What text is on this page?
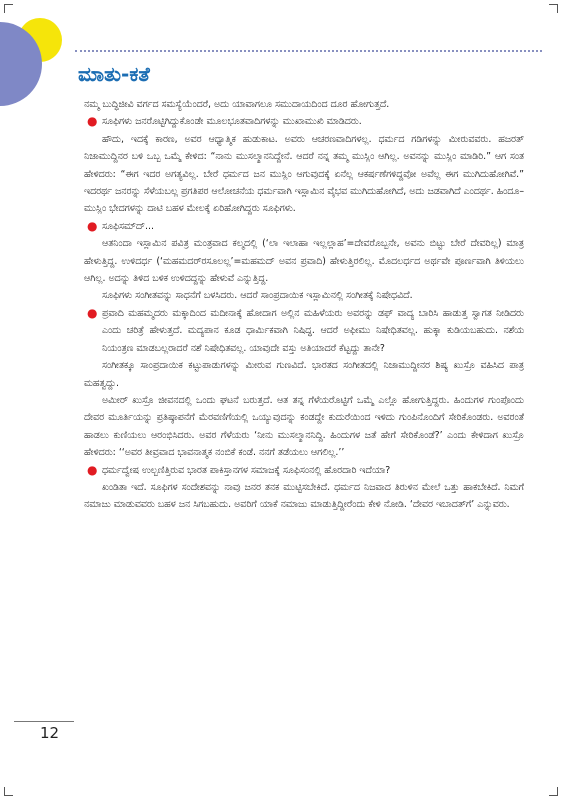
ಮಾತು-ಕತೆ

ನಮ್ಮ ಬುದ್ಧಿಜೀವಿ ವರ್ಗದ ಸಮಸ್ಯೆಯೆಂದರೆ, ಅದು ಯಾವಾಗಲೂ ಸಮುದಾಯದಿಂದ ದೂರ ಹೋಗುತ್ತದೆ.

● ಸೂಫಿಗಳು ಜನರೊಟ್ಟಿಗಿದ್ದುಕೊಂಡೇ ಮೂಲಭೂತವಾದಿಗಳನ್ನು ಮುಖಾಮುಖಿ ಮಾಡಿದರು.

ಹೌದು, ಇದಕ್ಕೆ ಕಾರಣ, ಅವರ ಆಧ್ಯಾತ್ಮಿಕ ಹುಡುಕಾಟ. ಅವರು ಆಚರಣವಾದಿಗಳಲ್ಲ. ಧರ್ಮದ ಗಡಿಗಳನ್ನು ಮೀರುವವರು. ಹಜರತ್ ನಿಜಾಮುದ್ದಿನರ ಬಳಿ ಒಬ್ಬ ಒಮ್ಮೆ ಕೇಳಿದ: “ನಾನು ಮುಸಲ್ಮಾನನಿದ್ದೇನೆ. ಆದರೆ ನನ್ನ ತಮ್ಮ ಮುಸ್ಲಿಂ ಆಗಿಲ್ಲ. ಅವನನ್ನು ಮುಸ್ಲಿಂ ಮಾಡಿರಿ.” ಆಗ ಸಂತ ಹೇಳಿದರು: “ಈಗ ಇದರ ಅಗತ್ಯವಿಲ್ಲ. ಬೇರೆ ಧರ್ಮದ ಜನ ಮುಸ್ಲಿಂ ಆಗುವುದಕ್ಕೆ ಏನೆಲ್ಲ ಆಕರ್ಷಣೆಗಳಿದ್ದವೋ ಅವೆಲ್ಲ ಈಗ ಮುಗಿದುಹೋಗಿವೆ.” ಇದರರ್ಥ ಜನರನ್ನು ಸೆಳೆಯಬಲ್ಲ ಪ್ರಗತಿಪರ ಆಲೋಚನೆಯ ಧರ್ಮವಾಗಿ ಇಸ್ಲಾಮಿನ ವೈಭವ ಮುಗಿದುಹೋಗಿದೆ, ಅದು ಜಡವಾಗಿದೆ ಎಂದರ್ಥ. ಹಿಂದೂ–ಮುಸ್ಲಿಂ ಭೇದಗಳನ್ನು ದಾಟಿ ಬಹಳ ಮೇಲಕ್ಕೆ ಏರಿಹೋಗಿದ್ದರು ಸೂಫಿಗಳು.

● ಸೂಫಿಸಮ್‌ದ್...

ಆತನಿಂದಾ ಇಸ್ಲಾಮಿನ ಪವಿತ್ರ ಮಂತ್ರವಾದ ಕಲ್ಮದಲ್ಲಿ (‘ಲಾ ಇಲಾಹಾ ಇಲ್ಲಲ್ಲಾಹ’=ದೇವರೊಬ್ಬನೇ, ಅವನು ಬಿಟ್ಟು ಬೇರೆ ದೇವರಿಲ್ಲ) ಮಾತ್ರ ಹೇಳುತ್ತಿದ್ದ. ಉಳಿದರ್ಧ (‘ಮಹಮದರ್‌ರಸೂಲಲ್ಲ’=ಮಹಮದ್ ಅವನ ಪ್ರವಾದಿ) ಹೇಳುತ್ತಿರಲಿಲ್ಲ. ಮೊದಲರ್ಧದ ಅರ್ಥವೇ ಪೂರ್ಣವಾಗಿ ತಿಳಿಯಲು ಆಗಿಲ್ಲ. ಅದನ್ನು ತಿಳಿದ ಬಳಿಕ ಉಳಿದದ್ದನ್ನು ಹೇಳುವೆ ಎನ್ನುತ್ತಿದ್ದ.

ಸೂಫಿಗಳು ಸಂಗೀತವನ್ನು ಸಾಧನೆಗೆ ಬಳಸಿದರು. ಆದರೆ ಸಾಂಪ್ರದಾಯಿಕ ಇಸ್ಲಾಮಿನಲ್ಲಿ ಸಂಗೀತಕ್ಕೆ ನಿಷೇಧವಿದೆ.

● ಪ್ರವಾದಿ ಮಹಮ್ಮದರು ಮಕ್ಕಾದಿಂದ ಮದೀನಾಕ್ಕೆ ಹೋದಾಗ ಅಲ್ಲಿನ ಮಹಿಳೆಯರು ಅವರನ್ನು ಡಫ್ ವಾದ್ಯ ಬಾರಿಸಿ ಹಾಡುತ್ತ ಸ್ವಾಗತ ನೀಡಿದರು ಎಂದು ಚರಿತ್ರೆ ಹೇಳುತ್ತದೆ. ಮದ್ಯಪಾನ ಕೂಡ ಧಾರ್ಮಿಕವಾಗಿ ನಿಷಿದ್ಧ. ಆದರೆ ಅಫೀಮು ನಿಷೇಧಿತವಲ್ಲ. ಹುಕ್ಕಾ ಕುಡಿಯಬಹುದು. ನಶೆಯ ನಿಯಂತ್ರಣ ಮಾಡಬಲ್ಲರಾದರೆ ನಶೆ ನಿಷೇಧಿತವಲ್ಲ. ಯಾವುದೇ ವಸ್ತು ಅತಿಯಾದರೆ ಕೆಟ್ಟದ್ದು ತಾನೇ?

ಸಂಗೀತಕ್ಕೂ ಸಾಂಪ್ರದಾಯಿಕ ಕಟ್ಟುಪಾಡುಗಳನ್ನು ಮೀರುವ ಗುಣವಿದೆ. ಭಾರತದ ಸಂಗೀತದಲ್ಲಿ ನಿಜಾಮುದ್ದೀನರ ಶಿಷ್ಯ ಖುಸ್ರೊ ವಹಿಸಿದ ಪಾತ್ರ ಮಹತ್ವದ್ದು.

ಅಮೀರ್ ಖುಸ್ರೊ ಜೀವನದಲ್ಲಿ ಒಂದು ಘಟನೆ ಬರುತ್ತದೆ. ಆತ ತನ್ನ ಗೆಳೆಯರೊಟ್ಟಿಗೆ ಒಮ್ಮೆ ಎಲ್ಲೊ ಹೋಗುತ್ತಿದ್ದರು. ಹಿಂದುಗಳ ಗುಂಪೊಂದು ದೇವರ ಮೂರ್ತಿಯನ್ನು ಪ್ರತಿಷ್ಠಾಪನೆಗೆ ಮೆರವಣಿಗೆಯಲ್ಲಿ ಒಯ್ಯುವುದನ್ನು ಕಂಡದ್ದೇ ಕುದುರೆಯಿಂದ ಇಳಿದು ಗುಂಪಿನೊಂದಿಗೆ ಸೇರಿಕೊಂಡರು. ಅವರಂತೆ ಹಾಡಲು ಕುಣಿಯಲು ಆರಂಭಿಸಿದರು. ಅವರ ಗೆಳೆಯರು ‘ನೀನು ಮುಸಲ್ಮಾನನಿದ್ದಿ. ಹಿಂದುಗಳ ಜತೆ ಹೇಗೆ ಸೇರಿಕೊಂಡೆ?’ ಎಂದು ಕೇಳಿದಾಗ ಖುಸ್ರೊ ಹೇಳಿದರು: ‘‘ಅವರ ತೀವ್ರವಾದ ಭಾವನಾತ್ಮಕ ನಂಬಿಕೆ ಕಂಡೆ. ನನಗೆ ತಡೆಯಲು ಆಗಲಿಲ್ಲ.’’

● ಧರ್ಮದ್ವೇಷ ಉಲ್ಬಣಿತ್ತಿರುವ ಭಾರತ ಪಾಕಿಸ್ತಾನಗಳ ಸಮಾಜಕ್ಕೆ ಸೂಫಿಸಂನಲ್ಲಿ ಹೊರದಾರಿ ಇದೆಯಾ?

ಖಂಡಿತಾ ಇದೆ. ಸೂಫಿಗಳ ಸಂದೇಶವನ್ನು ನಾವು ಜನರ ತನಕ ಮುಟ್ಟಿಸಬೇಕಿದೆ. ಧರ್ಮದ ನಿಜವಾದ ತಿರುಳಿನ ಮೇಲೆ ಒತ್ತು ಹಾಕಬೇಕಿದೆ. ನಿಮಗೆ ನಮಾಜು ಮಾಡುವವರು ಬಹಳ ಜನ ಸಿಗಬಹುದು. ಅವರಿಗೆ ಯಾಕೆ ನಮಾಜು ಮಾಡುತ್ತಿದ್ದೀರೆಂದು ಕೇಳಿ ನೋಡಿ. ‘ದೇವರ ಇಬಾದತ್‌ಗೆ’ ಎನ್ನುವರು.

12
